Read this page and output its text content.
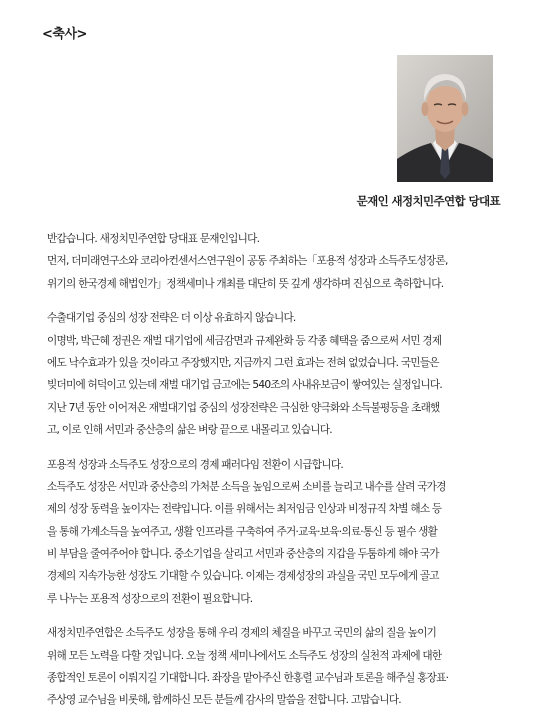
<축사>
문재인 새정치민주연합 당대표
반갑습니다. 새정치민주연합 당대표 문재인입니다.
먼저, 더미래연구소와 코리아컨센서스연구원이 공동 주최하는「포용적 성장과 소득주도성장론,
위기의 한국경제 해법인가」정책세미나 개최를 대단히 뜻 깊게 생각하며 진심으로 축하합니다.
수출대기업 중심의 성장 전략은 더 이상 유효하지 않습니다.
이명박, 박근혜 정권은 재벌 대기업에 세금감면과 규제완화 등 각종 혜택을 줌으로써 서민 경제
에도 낙수효과가 있을 것이라고 주장했지만, 지금까지 그런 효과는 전혀 없었습니다. 국민들은
빚더미에 허덕이고 있는데 재벌 대기업 금고에는 540조의 사내유보금이 쌓여있는 실정입니다.
지난 7년 동안 이어져온 재벌대기업 중심의 성장전략은 극심한 양극화와 소득불평등을 초래했
고, 이로 인해 서민과 중산층의 삶은 벼랑 끝으로 내몰리고 있습니다.
포용적 성장과 소득주도 성장으로의 경제 패러다임 전환이 시급합니다.
소득주도 성장은 서민과 중산층의 가처분 소득을 높임으로써 소비를 늘리고 내수를 살려 국가경
제의 성장 동력을 높이자는 전략입니다. 이를 위해서는 최저임금 인상과 비정규직 차별 해소 등
을 통해 가계소득을 높여주고, 생활 인프라를 구축하여 주거·교육·보육·의료·통신 등 필수 생활
비 부담을 줄여주어야 합니다. 중소기업을 살리고 서민과 중산층의 지갑을 두툼하게 해야 국가
경제의 지속가능한 성장도 기대할 수 있습니다. 이제는 경제성장의 과실을 국민 모두에게 골고
루 나누는 포용적 성장으로의 전환이 필요합니다.
새정치민주연합은 소득주도 성장을 통해 우리 경제의 체질을 바꾸고 국민의 삶의 질을 높이기
위해 모든 노력을 다할 것입니다. 오늘 정책 세미나에서도 소득주도 성장의 실천적 과제에 대한
종합적인 토론이 이뤄지길 기대합니다. 좌장을 맡아주신 한홍렬 교수님과 토론을 해주실 홍장표·
주상영 교수님을 비롯해, 함께하신 모든 분들께 감사의 말씀을 전합니다. 고맙습니다.
